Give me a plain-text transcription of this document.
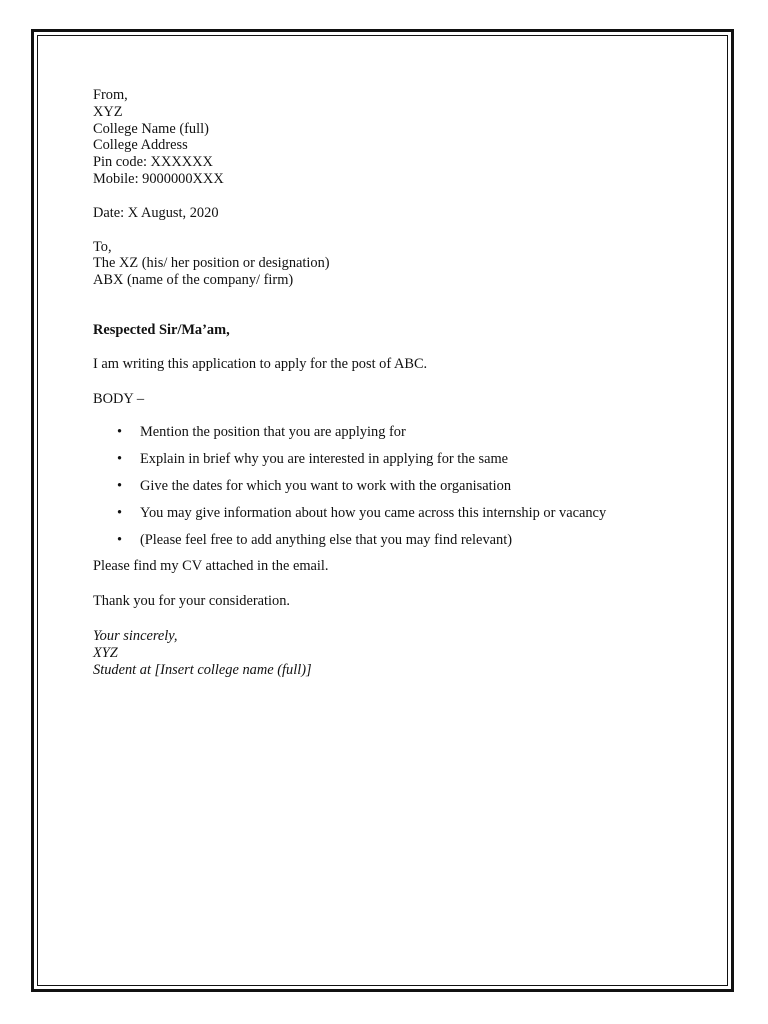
From,
XYZ
College Name (full)
College Address
Pin code: XXXXXX
Mobile: 9000000XXX
Date: X August, 2020
To,
The XZ (his/ her position or designation)
ABX (name of the company/ firm)
Respected Sir/Ma’am,
I am writing this application to apply for the post of ABC.
BODY –
• Mention the position that you are applying for
• Explain in brief why you are interested in applying for the same
• Give the dates for which you want to work with the organisation
• You may give information about how you came across this internship or vacancy
• (Please feel free to add anything else that you may find relevant)
Please find my CV attached in the email.
Thank you for your consideration.
Your sincerely,
XYZ
Student at [Insert college name (full)]
